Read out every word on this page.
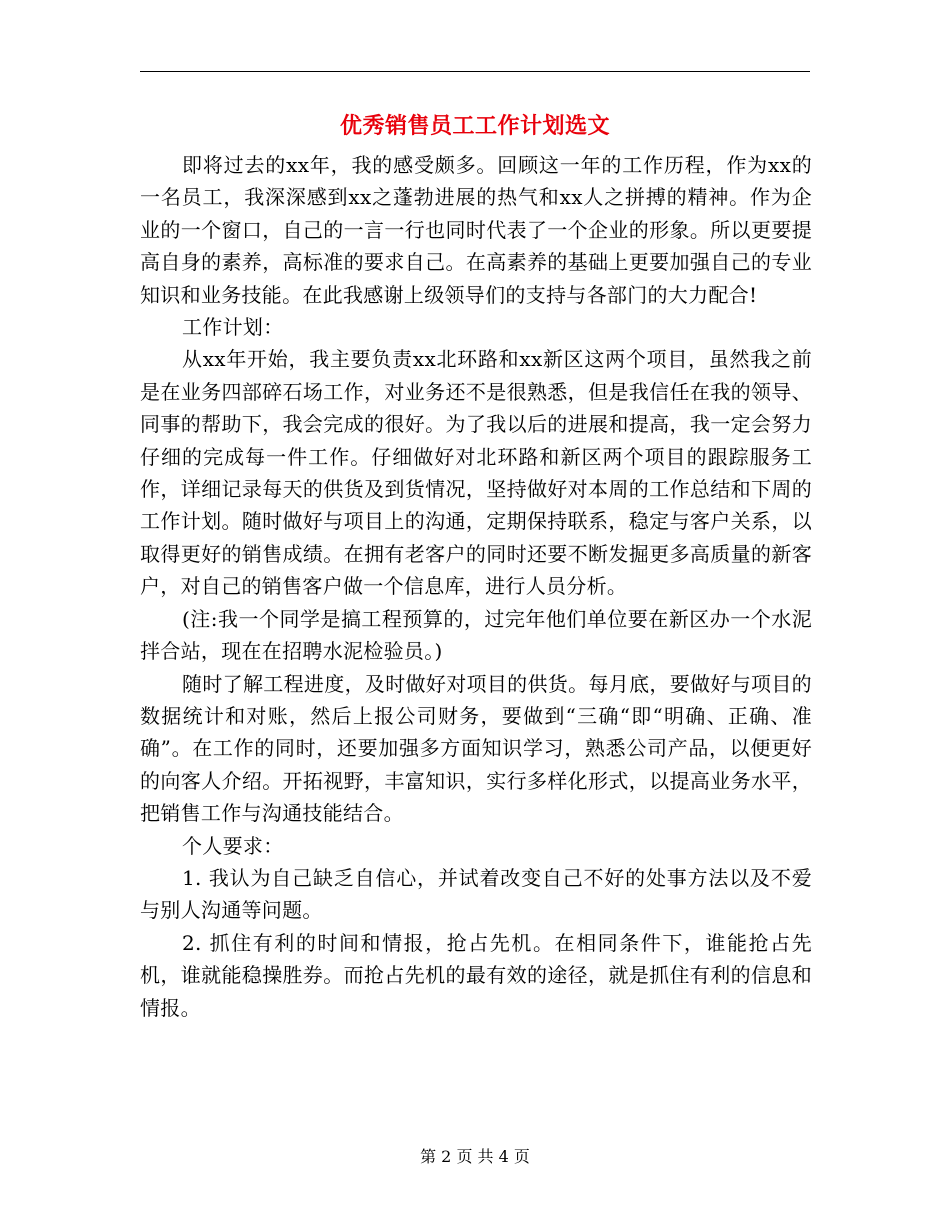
优秀销售员工工作计划选文

即将过去的xx年，我的感受颇多。回顾这一年的工作历程，作为xx的一名员工，我深深感到xx之蓬勃进展的热气和xx人之拼搏的精神。作为企业的一个窗口，自己的一言一行也同时代表了一个企业的形象。所以更要提高自身的素养，高标准的要求自己。在高素养的基础上更要加强自己的专业知识和业务技能。在此我感谢上级领导们的支持与各部门的大力配合!

工作计划：

从xx年开始，我主要负责xx北环路和xx新区这两个项目，虽然我之前是在业务四部碎石场工作，对业务还不是很熟悉，但是我信任在我的领导、同事的帮助下，我会完成的很好。为了我以后的进展和提高，我一定会努力仔细的完成每一件工作。仔细做好对北环路和新区两个项目的跟踪服务工作，详细记录每天的供货及到货情况，坚持做好对本周的工作总结和下周的工作计划。随时做好与项目上的沟通，定期保持联系，稳定与客户关系，以取得更好的销售成绩。在拥有老客户的同时还要不断发掘更多高质量的新客户，对自己的销售客户做一个信息库，进行人员分析。

(注:我一个同学是搞工程预算的，过完年他们单位要在新区办一个水泥拌合站，现在在招聘水泥检验员。)

随时了解工程进度，及时做好对项目的供货。每月底，要做好与项目的数据统计和对账，然后上报公司财务，要做到“三确“即“明确、正确、准确”。在工作的同时，还要加强多方面知识学习，熟悉公司产品，以便更好的向客人介绍。开拓视野，丰富知识，实行多样化形式，以提高业务水平，把销售工作与沟通技能结合。

个人要求：

1. 我认为自己缺乏自信心，并试着改变自己不好的处事方法以及不爱与别人沟通等问题。

2. 抓住有利的时间和情报，抢占先机。在相同条件下，谁能抢占先机，谁就能稳操胜券。而抢占先机的最有效的途径，就是抓住有利的信息和情报。

第 2 页 共 4 页
